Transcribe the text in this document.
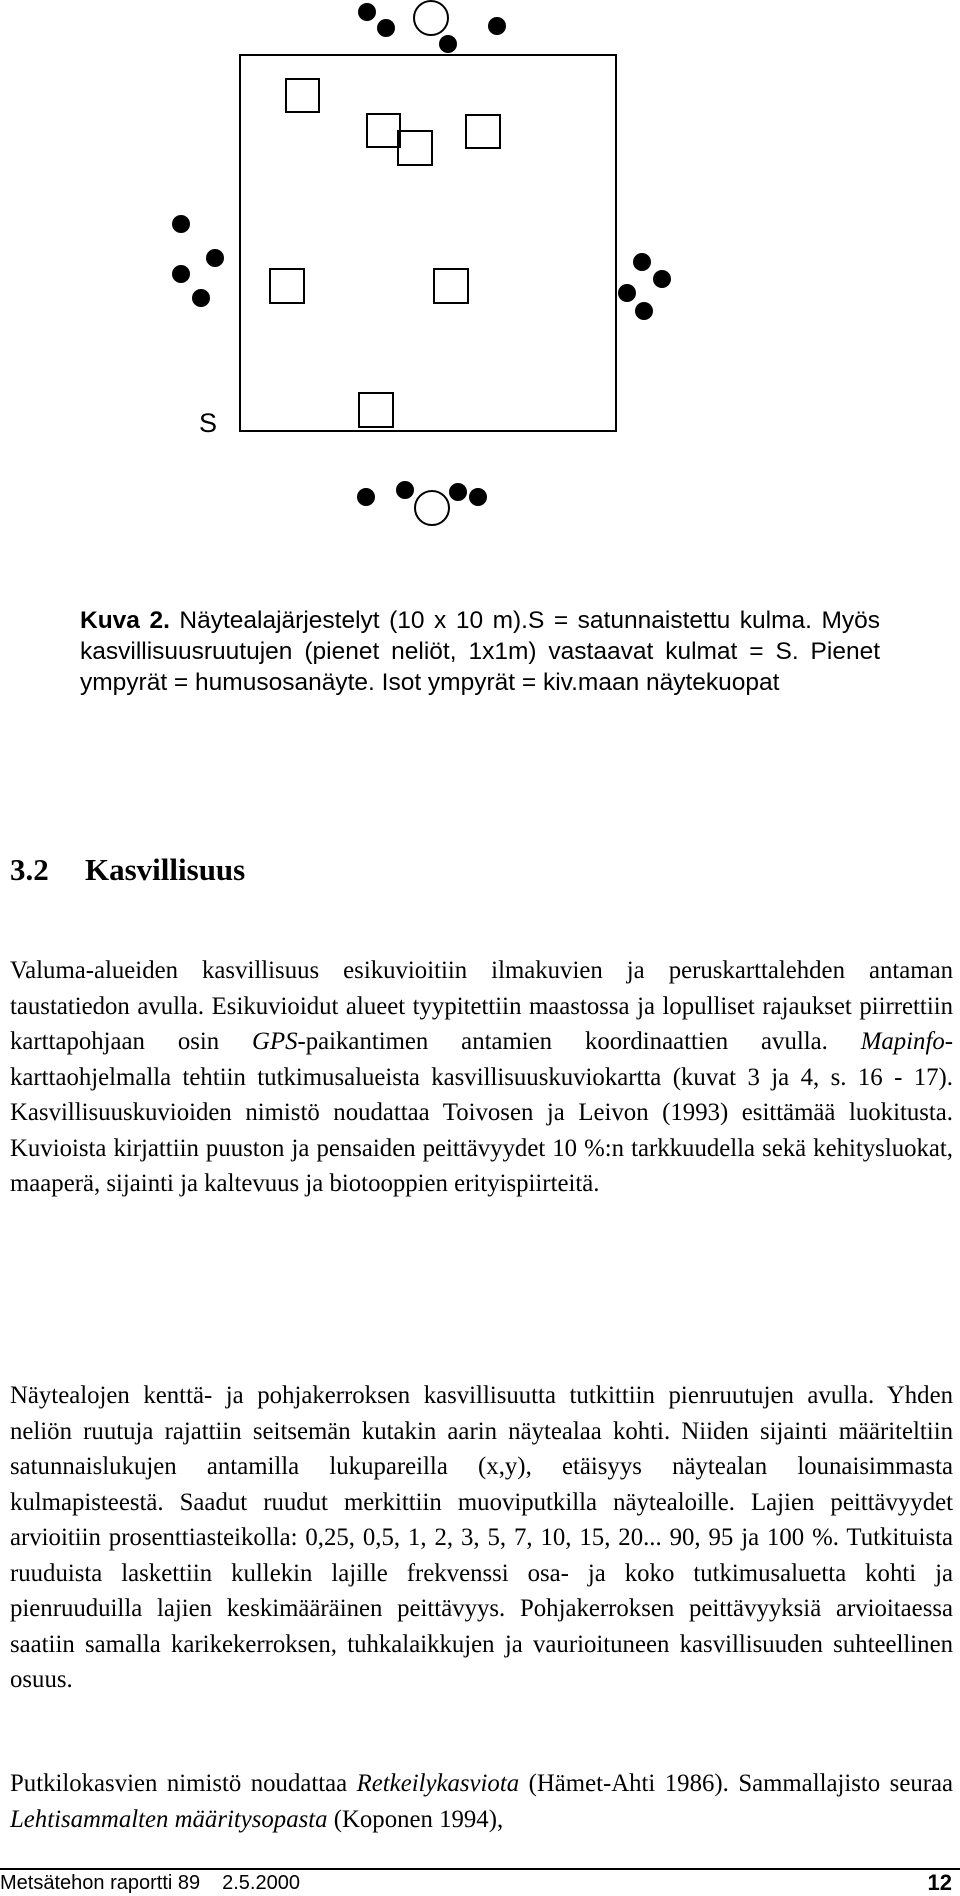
S
Kuva 2. Näytealajärjestelyt (10 x 10 m).S = satunnaistettu kulma. Myös kasvillisuusruutujen (pienet neliöt, 1x1m) vastaavat kulmat = S. Pienet ympyrät = humusosanäyte. Isot ympyrät = kiv.maan näytekuopat
3.2 Kasvillisuus

Valuma-alueiden kasvillisuus esikuvioitiin ilmakuvien ja peruskarttalehden antaman taustatiedon avulla. Esikuvioidut alueet tyypitettiin maastossa ja lopulliset rajaukset piirrettiin karttapohjaan osin GPS-paikantimen antamien koordinaattien avulla. Mapinfo-karttaohjelmalla tehtiin tutkimusalueista kasvillisuuskuviokartta (kuvat 3 ja 4, s. 16 - 17). Kasvillisuuskuvioiden nimistö noudattaa Toivosen ja Leivon (1993) esittämää luokitusta. Kuvioista kirjattiin puuston ja pensaiden peittävyydet 10 %:n tarkkuudella sekä kehitysluokat, maaperä, sijainti ja kaltevuus ja biotooppien erityispiirteitä.

Näytealojen kenttä- ja pohjakerroksen kasvillisuutta tutkittiin pienruutujen avulla. Yhden neliön ruutuja rajattiin seitsemän kutakin aarin näytealaa kohti. Niiden sijainti määriteltiin satunnaislukujen antamilla lukupareilla (x,y), etäisyys näytealan lounaisimmasta kulmapisteestä. Saadut ruudut merkittiin muoviputkilla näytealoille. Lajien peittävyydet arvioitiin prosenttiasteikolla: 0,25, 0,5, 1, 2, 3, 5, 7, 10, 15, 20... 90, 95 ja 100 %. Tutkituista ruuduista laskettiin kullekin lajille frekvenssi osa- ja koko tutkimusaluetta kohti ja pienruuduilla lajien keskimääräinen peittävyys. Pohjakerroksen peittävyyksiä arvioitaessa saatiin samalla karikekerroksen, tuhkalaikkujen ja vaurioituneen kasvillisuuden suhteellinen osuus.

Putkilokasvien nimistö noudattaa Retkeilykasviota (Hämet-Ahti 1986). Sammallajisto seuraa Lehtisammalten määritysopasta (Koponen 1994),

Metsätehon raportti 89 2.5.2000	12
